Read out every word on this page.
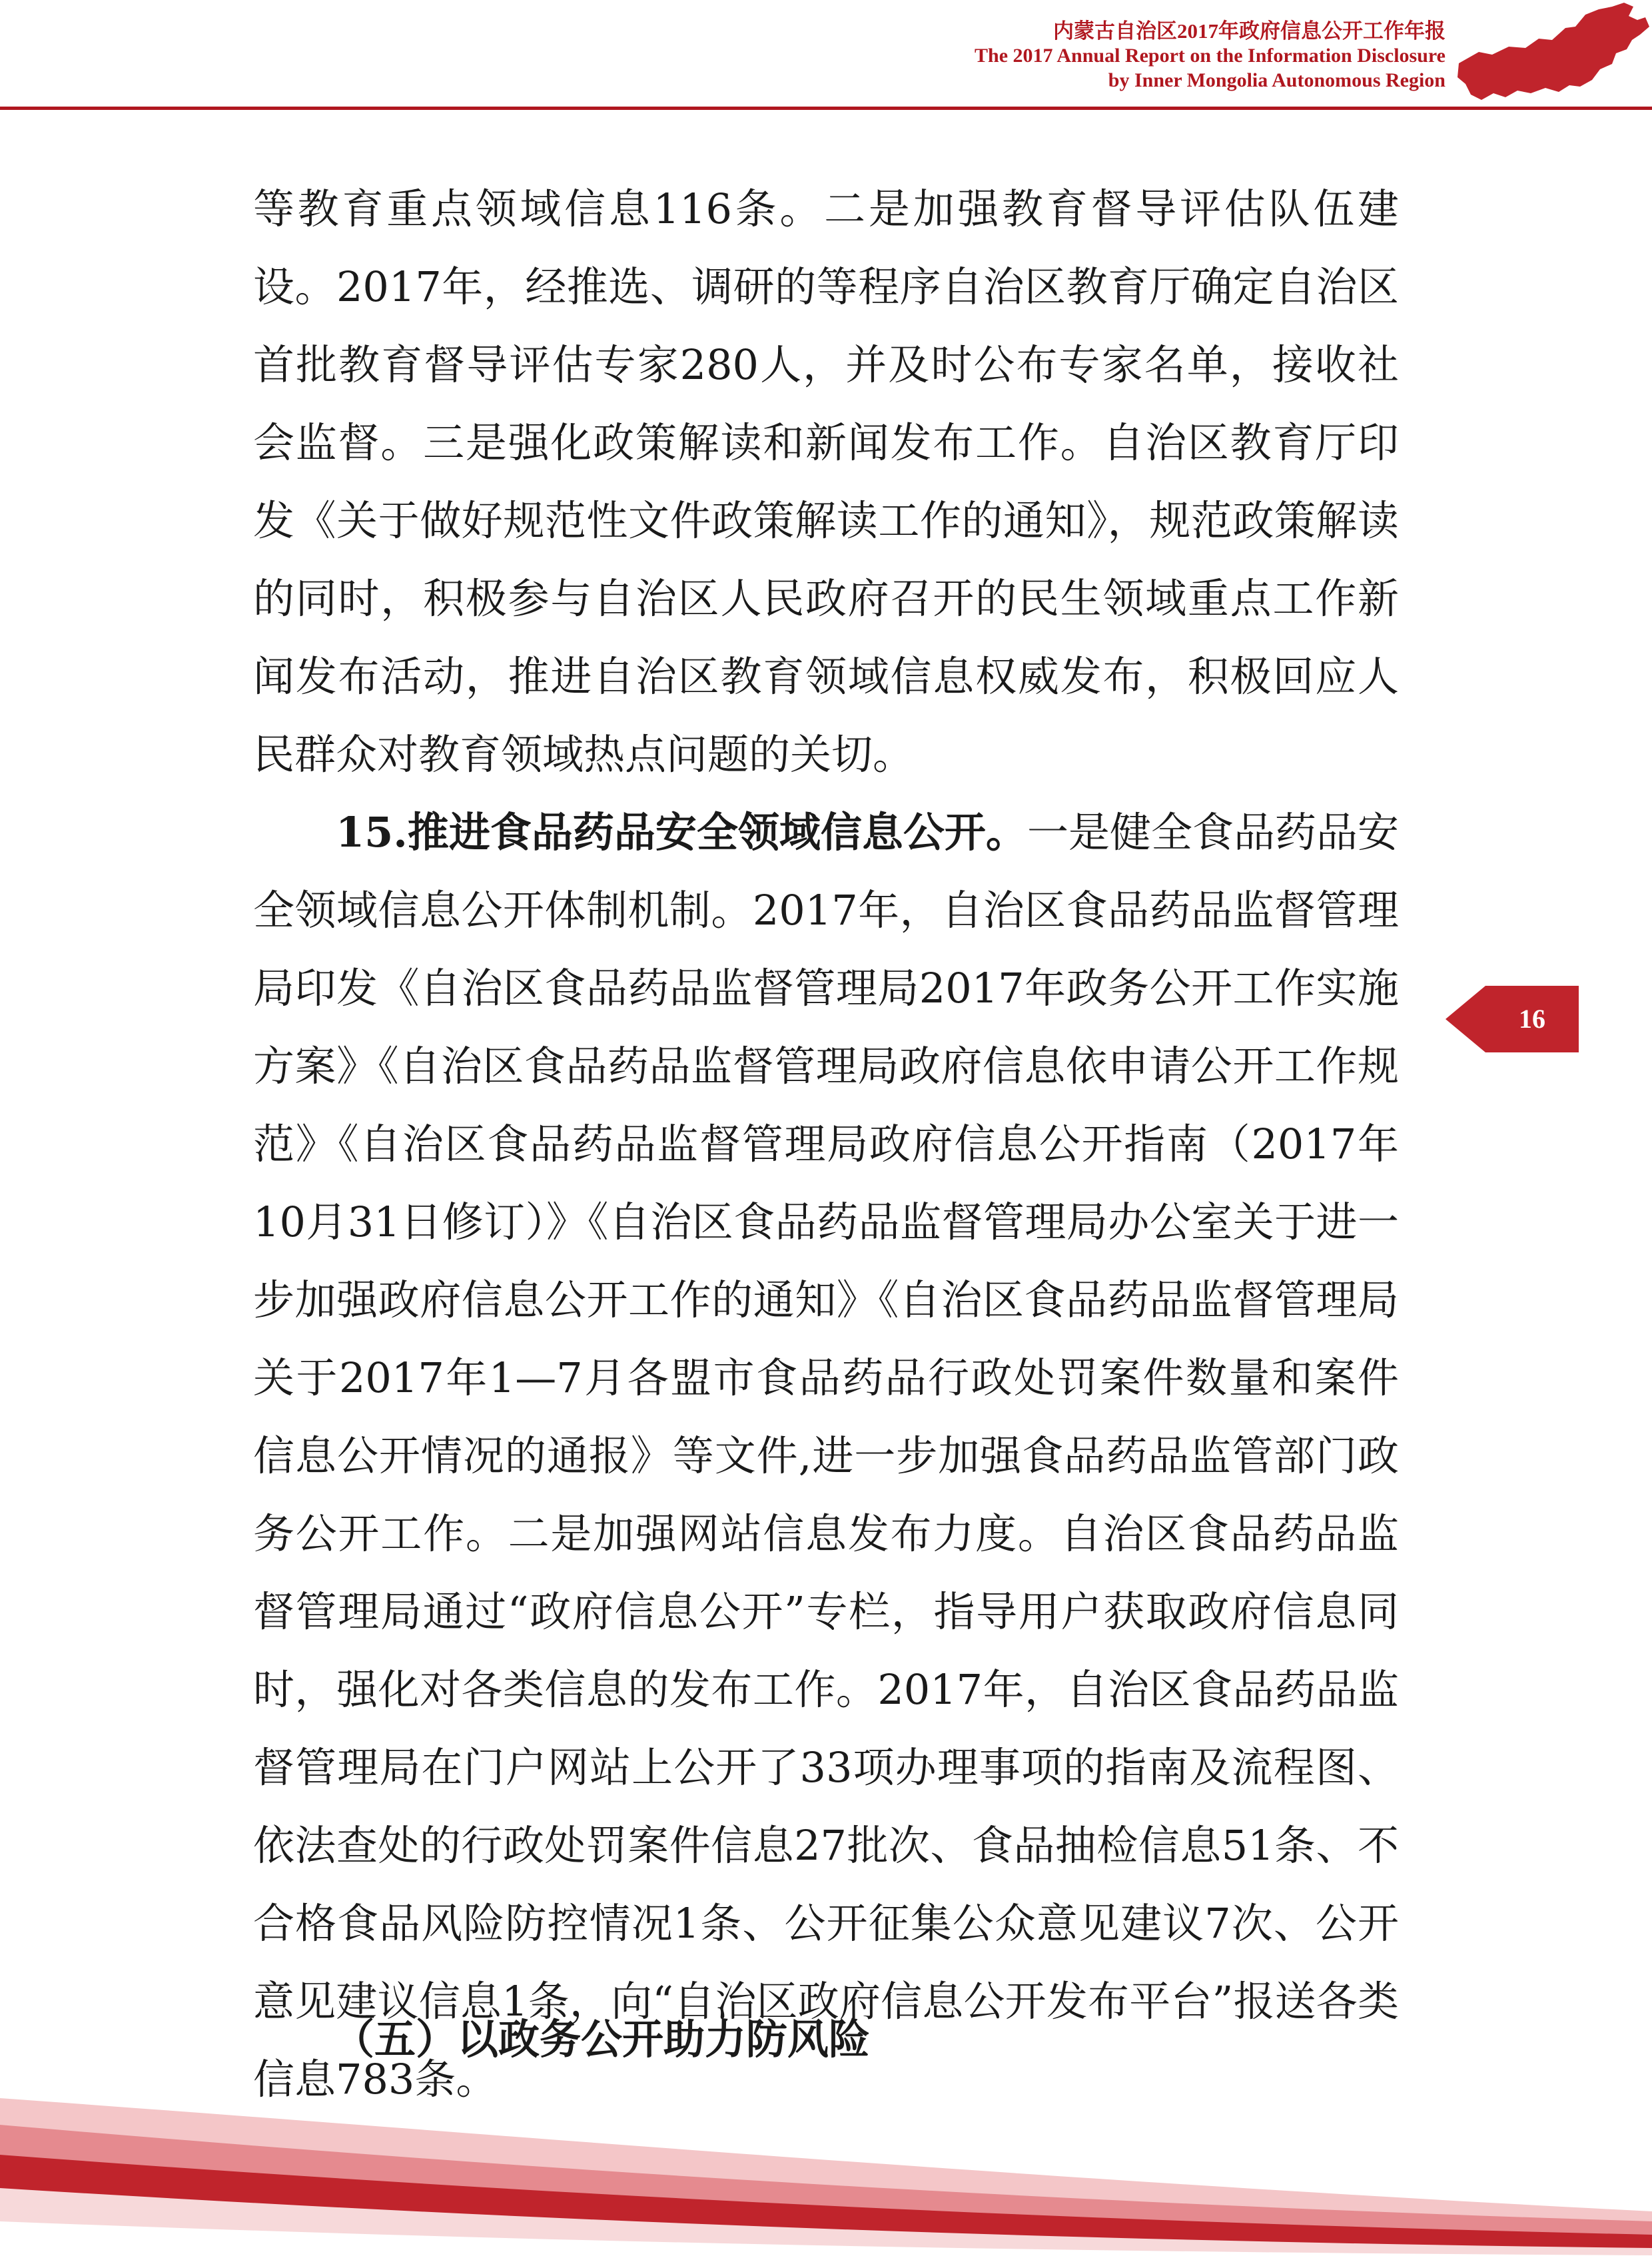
内蒙古自治区2017年政府信息公开工作年报
The 2017 Annual Report on the Information Disclosure
by Inner Mongolia Autonomous Region

等教育重点领域信息116条。二是加强教育督导评估队伍建设。2017年，经推选、调研的等程序自治区教育厅确定自治区首批教育督导评估专家280人，并及时公布专家名单，接收社会监督。三是强化政策解读和新闻发布工作。自治区教育厅印发《关于做好规范性文件政策解读工作的通知》，规范政策解读的同时，积极参与自治区人民政府召开的民生领域重点工作新闻发布活动，推进自治区教育领域信息权威发布，积极回应人民群众对教育领域热点问题的关切。

15.推进食品药品安全领域信息公开。一是健全食品药品安全领域信息公开体制机制。2017年，自治区食品药品监督管理局印发《自治区食品药品监督管理局2017年政务公开工作实施方案》《自治区食品药品监督管理局政府信息依申请公开工作规范》《自治区食品药品监督管理局政府信息公开指南（2017年10月31日修订）》《自治区食品药品监督管理局办公室关于进一步加强政府信息公开工作的通知》《自治区食品药品监督管理局关于2017年1—7月各盟市食品药品行政处罚案件数量和案件信息公开情况的通报》等文件,进一步加强食品药品监管部门政务公开工作。二是加强网站信息发布力度。自治区食品药品监督管理局通过“政府信息公开”专栏，指导用户获取政府信息同时，强化对各类信息的发布工作。2017年，自治区食品药品监督管理局在门户网站上公开了33项办理事项的指南及流程图、依法查处的行政处罚案件信息27批次、食品抽检信息51条、不合格食品风险防控情况1条、公开征集公众意见建议7次、公开意见建议信息1条，向“自治区政府信息公开发布平台”报送各类信息783条。

（五）以政务公开助力防风险
16
